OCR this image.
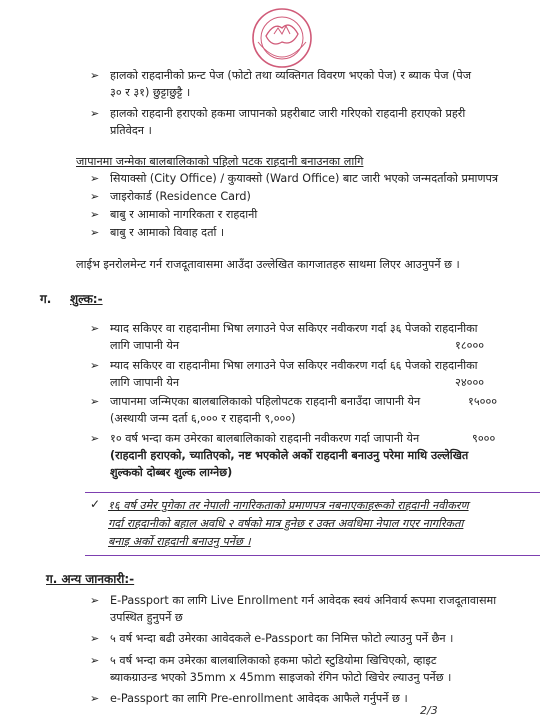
➢ हालको राहदानीको फ्रन्ट पेज (फोटो तथा व्यक्तिगत विवरण भएको पेज) र ब्याक पेज (पेज
३० र ३१) छुट्टाछुट्टै ।
➢ हालको राहदानी हराएको हकमा जापानको प्रहरीबाट जारी गरिएको राहदानी हराएको प्रहरी
प्रतिवेदन ।
जापानमा जन्मेका बालबालिकाको पहिलो पटक राहदानी बनाउनका लागि
➢ सियाक्सो (City Office) / कुयाक्सो (Ward Office) बाट जारी भएको जन्मदर्ताको प्रमाणपत्र
➢ जाइरोकार्ड (Residence Card)
➢ बाबु र आमाको नागरिकता र राहदानी
➢ बाबु र आमाको विवाह दर्ता ।
लाईभ इनरोलमेन्ट गर्न राजदूतावासमा आउँदा उल्लेखित कागजातहरु साथमा लिएर आउनुपर्ने छ ।
ग. शुल्क:-
➢ म्याद सकिएर वा राहदानीमा भिषा लगाउने पेज सकिएर नवीकरण गर्दा ३६ पेजको राहदानीका
लागि जापानी येन	१८०००
➢ म्याद सकिएर वा राहदानीमा भिषा लगाउने पेज सकिएर नवीकरण गर्दा ६६ पेजको राहदानीका
लागि जापानी येन	२४०००
➢ जापानमा जन्मिएका बालबालिकाको पहिलोपटक राहदानी बनाउँदा जापानी येन	१५०००
(अस्थायी जन्म दर्ता ६,००० र राहदानी ९,०००)
➢ १० वर्ष भन्दा कम उमेरका बालबालिकाको राहदानी नवीकरण गर्दा जापानी येन	९०००
(राहदानी हराएको, च्यातिएको, नष्ट भएकोले अर्को राहदानी बनाउनु परेमा माथि उल्लेखित
शुल्कको दोब्बर शुल्क लाग्नेछ)
✓ १६ वर्ष उमेर पुगेका तर नेपाली नागरिकताको प्रमाणपत्र नबनाएकाहरूको राहदानी नवीकरण
गर्दा राहदानीको बहाल अवधि २ वर्षको मात्र हुनेछ र उक्त अवधिमा नेपाल गएर नागरिकता
बनाइ अर्को राहदानी बनाउनु पर्नेछ ।
ग. अन्य जानकारी:-
➢ E-Passport का लागि Live Enrollment गर्न आवेदक स्वयं अनिवार्य रूपमा राजदूतावासमा
उपस्थित हुनुपर्ने छ
➢ ५ वर्ष भन्दा बढी उमेरका आवेदकले e-Passport का निमित्त फोटो ल्याउनु पर्ने छैन ।
➢ ५ वर्ष भन्दा कम उमेरका बालबालिकाको हकमा फोटो स्टुडियोमा खिचिएको, व्हाइट
ब्याकग्राउन्ड भएको 35mm x 45mm साइजको रंगिन फोटो खिचेर ल्याउनु पर्नेछ ।
➢ e-Passport का लागि Pre-enrollment आवेदक आफैले गर्नुपर्ने छ ।
2/3
